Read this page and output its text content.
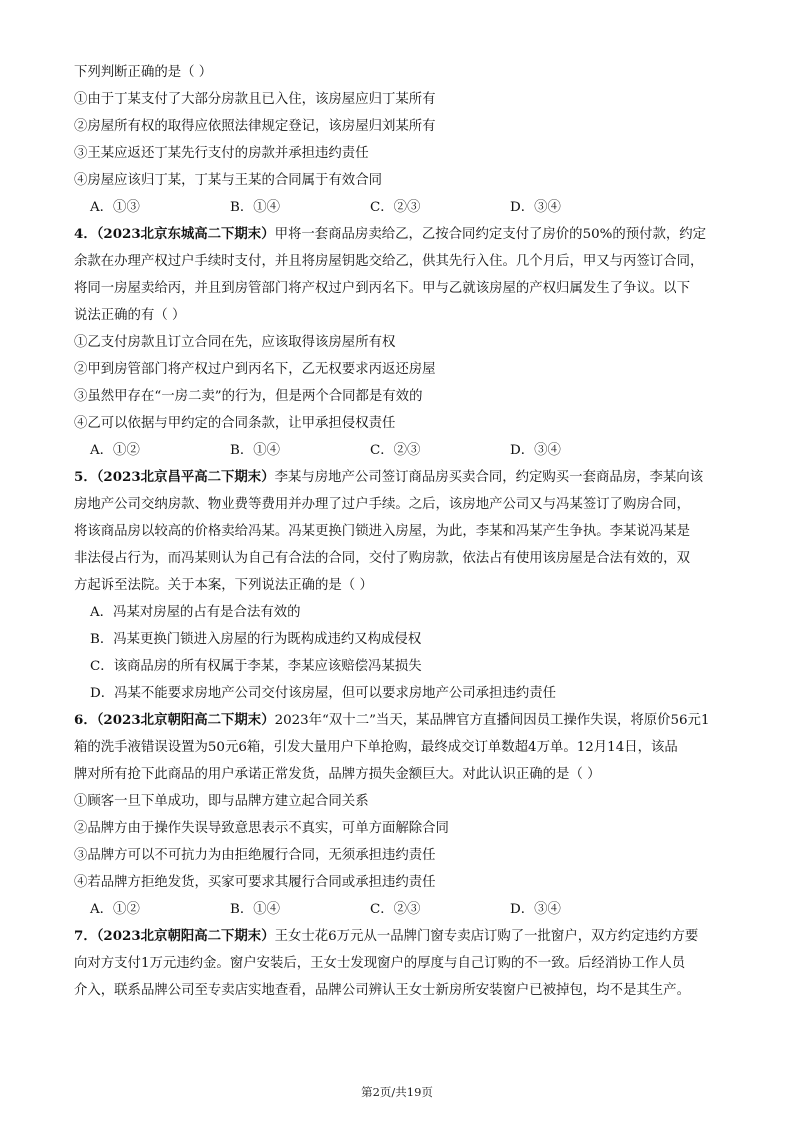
下列判断正确的是（ ）
①由于丁某支付了大部分房款且已入住，该房屋应归丁某所有
②房屋所有权的取得应依照法律规定登记，该房屋归刘某所有
③王某应返还丁某先行支付的房款并承担违约责任
④房屋应该归丁某，丁某与王某的合同属于有效合同
A．①③	B．①④	C．②③	D．③④
4．（2023北京东城高二下期末）甲将一套商品房卖给乙，乙按合同约定支付了房价的50%的预付款，约定
余款在办理产权过户手续时支付，并且将房屋钥匙交给乙，供其先行入住。几个月后，甲又与丙签订合同，
将同一房屋卖给丙，并且到房管部门将产权过户到丙名下。甲与乙就该房屋的产权归属发生了争议。以下
说法正确的有（ ）
①乙支付房款且订立合同在先，应该取得该房屋所有权
②甲到房管部门将产权过户到丙名下，乙无权要求丙返还房屋
③虽然甲存在“一房二卖”的行为，但是两个合同都是有效的
④乙可以依据与甲约定的合同条款，让甲承担侵权责任
A．①②	B．①④	C．②③	D．③④
5．（2023北京昌平高二下期末）李某与房地产公司签订商品房买卖合同，约定购买一套商品房，李某向该
房地产公司交纳房款、物业费等费用并办理了过户手续。之后，该房地产公司又与冯某签订了购房合同，
将该商品房以较高的价格卖给冯某。冯某更换门锁进入房屋，为此，李某和冯某产生争执。李某说冯某是
非法侵占行为，而冯某则认为自己有合法的合同，交付了购房款，依法占有使用该房屋是合法有效的，双
方起诉至法院。关于本案，下列说法正确的是（ ）
A．冯某对房屋的占有是合法有效的
B．冯某更换门锁进入房屋的行为既构成违约又构成侵权
C．该商品房的所有权属于李某，李某应该赔偿冯某损失
D．冯某不能要求房地产公司交付该房屋，但可以要求房地产公司承担违约责任
6．（2023北京朝阳高二下期末）2023年“双十二”当天，某品牌官方直播间因员工操作失误，将原价56元1
箱的洗手液错误设置为50元6箱，引发大量用户下单抢购，最终成交订单数超4万单。12月14日，该品
牌对所有抢下此商品的用户承诺正常发货，品牌方损失金额巨大。对此认识正确的是（ ）
①顾客一旦下单成功，即与品牌方建立起合同关系
②品牌方由于操作失误导致意思表示不真实，可单方面解除合同
③品牌方可以不可抗力为由拒绝履行合同，无须承担违约责任
④若品牌方拒绝发货，买家可要求其履行合同或承担违约责任
A．①②	B．①④	C．②③	D．③④
7．（2023北京朝阳高二下期末）王女士花6万元从一品牌门窗专卖店订购了一批窗户，双方约定违约方要
向对方支付1万元违约金。窗户安装后，王女士发现窗户的厚度与自己订购的不一致。后经消协工作人员
介入，联系品牌公司至专卖店实地查看，品牌公司辨认王女士新房所安装窗户已被掉包，均不是其生产。
第2页/共19页
